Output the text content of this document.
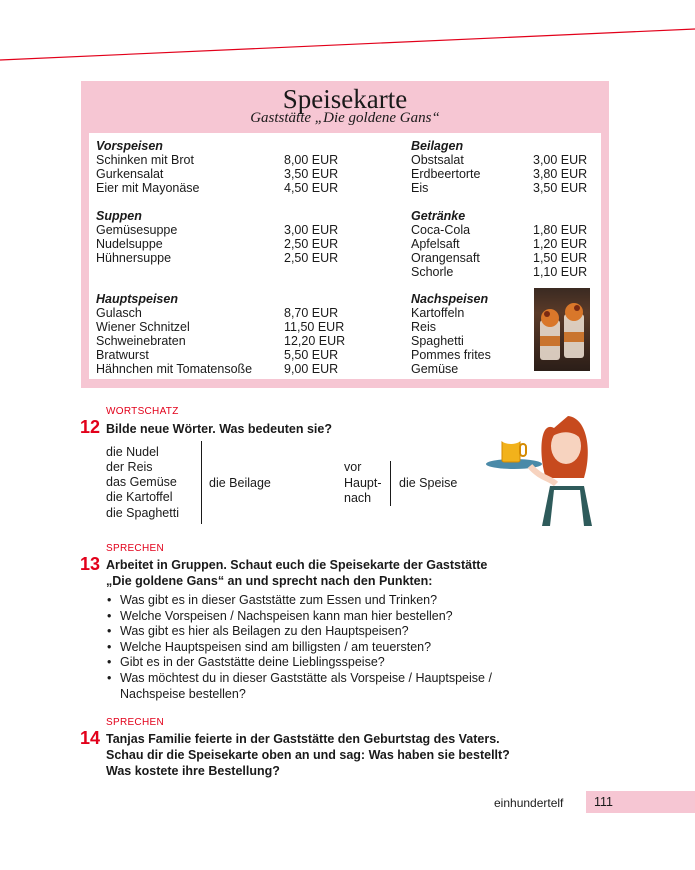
Speisekarte
Gaststätte „Die goldene Gans“
Vorspeisen
Schinken mit Brot	8,00 EUR
Gurkensalat	3,50 EUR
Eier mit Mayonäse	4,50 EUR
Suppen
Gemüsesuppe	3,00 EUR
Nudelsuppe	2,50 EUR
Hühnersuppe	2,50 EUR
Hauptspeisen
Gulasch	8,70 EUR
Wiener Schnitzel	11,50 EUR
Schweinebraten	12,20 EUR
Bratwurst	5,50 EUR
Hähnchen mit Tomatensoße	9,00 EUR
Beilagen
Obstsalat	3,00 EUR
Erdbeertorte	3,80 EUR
Eis	3,50 EUR
Getränke
Coca-Cola	1,80 EUR
Apfelsaft	1,20 EUR
Orangensaft	1,50 EUR
Schorle	1,10 EUR
Nachspeisen
Kartoffeln
Reis
Spaghetti
Pommes frites
Gemüse
WORTSCHATZ
12 Bilde neue Wörter. Was bedeuten sie?
die Nudel
der Reis
das Gemüse
die Kartoffel
die Spaghetti
die Beilage
vor
Haupt-
nach
die Speise
SPRECHEN
13 Arbeitet in Gruppen. Schaut euch die Speisekarte der Gaststätte
„Die goldene Gans“ an und sprecht nach den Punkten:
• Was gibt es in dieser Gaststätte zum Essen und Trinken?
• Welche Vorspeisen / Nachspeisen kann man hier bestellen?
• Was gibt es hier als Beilagen zu den Hauptspeisen?
• Welche Hauptspeisen sind am billigsten / am teuersten?
• Gibt es in der Gaststätte deine Lieblingsspeise?
• Was möchtest du in dieser Gaststätte als Vorspeise / Hauptspeise / Nachspeise bestellen?
SPRECHEN
14 Tanjas Familie feierte in der Gaststätte den Geburtstag des Vaters.
Schau dir die Speisekarte oben an und sag: Was haben sie bestellt?
Was kostete ihre Bestellung?
einhundertelf 111
